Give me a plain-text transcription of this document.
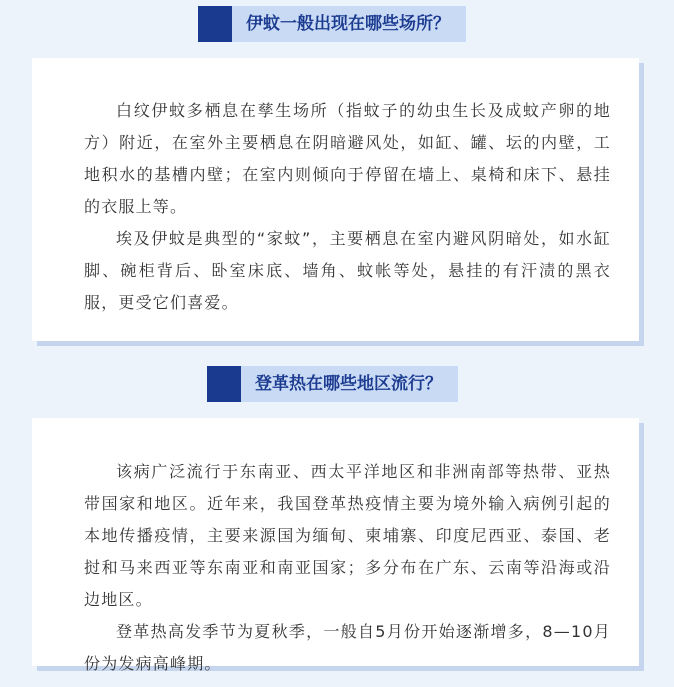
伊蚊一般出现在哪些场所？

白纹伊蚊多栖息在孳生场所（指蚊子的幼虫生长及成蚊产卵的地方）附近，在室外主要栖息在阴暗避风处，如缸、罐、坛的内壁，工地积水的基槽内壁；在室内则倾向于停留在墙上、桌椅和床下、悬挂的衣服上等。

埃及伊蚊是典型的“家蚊”，主要栖息在室内避风阴暗处，如水缸脚、碗柜背后、卧室床底、墙角、蚊帐等处，悬挂的有汗渍的黑衣服，更受它们喜爱。

登革热在哪些地区流行？

该病广泛流行于东南亚、西太平洋地区和非洲南部等热带、亚热带国家和地区。近年来，我国登革热疫情主要为境外输入病例引起的本地传播疫情，主要来源国为缅甸、柬埔寨、印度尼西亚、泰国、老挝和马来西亚等东南亚和南亚国家；多分布在广东、云南等沿海或沿边地区。

登革热高发季节为夏秋季，一般自5月份开始逐渐增多，8—10月份为发病高峰期。
